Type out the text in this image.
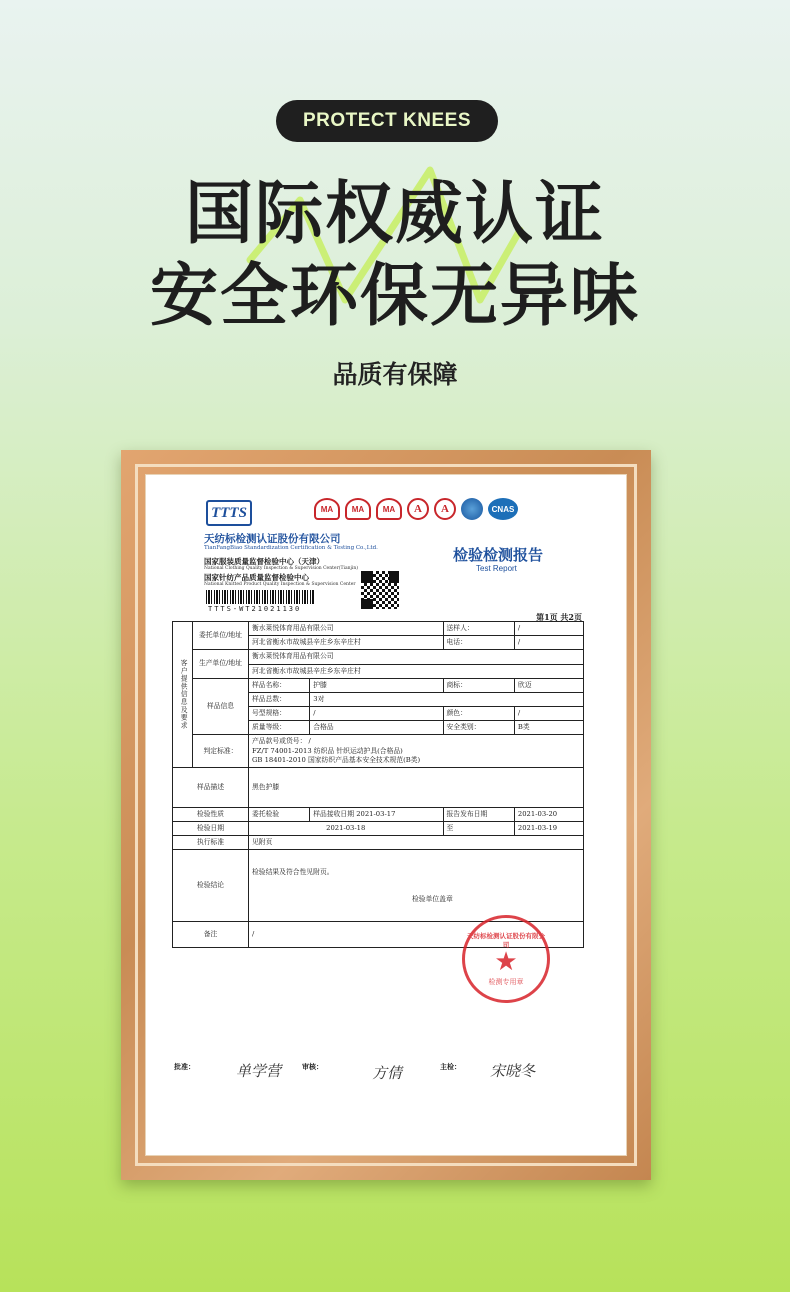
PROTECT KNEES
国际权威认证
安全环保无异味
品质有保障
TTTS	MA	MA	MA	A	A	CNAS
天纺标检测认证股份有限公司
TianFangBiao Standardization Certification & Testing Co.,Ltd.
国家服装质量监督检验中心（天津）
National Clothing Quality Inspection & Supervision Center(Tianjin)
国家针纺产品质量监督检验中心
National Knitted Product Quality Inspection & Supervision Center
TTTS-WT21021130
检验检测报告
Test Report
第1页 共2页
客户提供信息及要求	委托单位/地址	衡水莱悦体育用品有限公司		送样人：	/
		河北省衡水市故城县辛庄乡东辛庄村		电话：	/
	生产单位/地址	衡水莱悦体育用品有限公司			
		河北省衡水市故城县辛庄乡东辛庄村			
	样品信息	样品名称：	护膝	商标：	欣迈
		样品总数：	3对		
		号型规格：	/	颜色：	/
		质量等级：	合格品	安全类别：	B类
	判定标准：	产品款号或货号： /
FZ/T 74001-2013 纺织品 针织运动护具(合格品)
GB 18401-2010 国家纺织产品基本安全技术规范(B类)			
样品描述		黑色护膝			
检验性质		委托检验	样品接收日期 2021-03-17	报告发布日期	2021-03-20
检验日期		2021-03-18		至	2021-03-19
执行标准		见附页			
检验结论		检验结果及符合性见附页。

检验单位盖章			
备注		/				天纺标检测认证股份有限公司
★
检测专用章
批准：	单学营	审核：	方倩	主检： 宋晓冬
